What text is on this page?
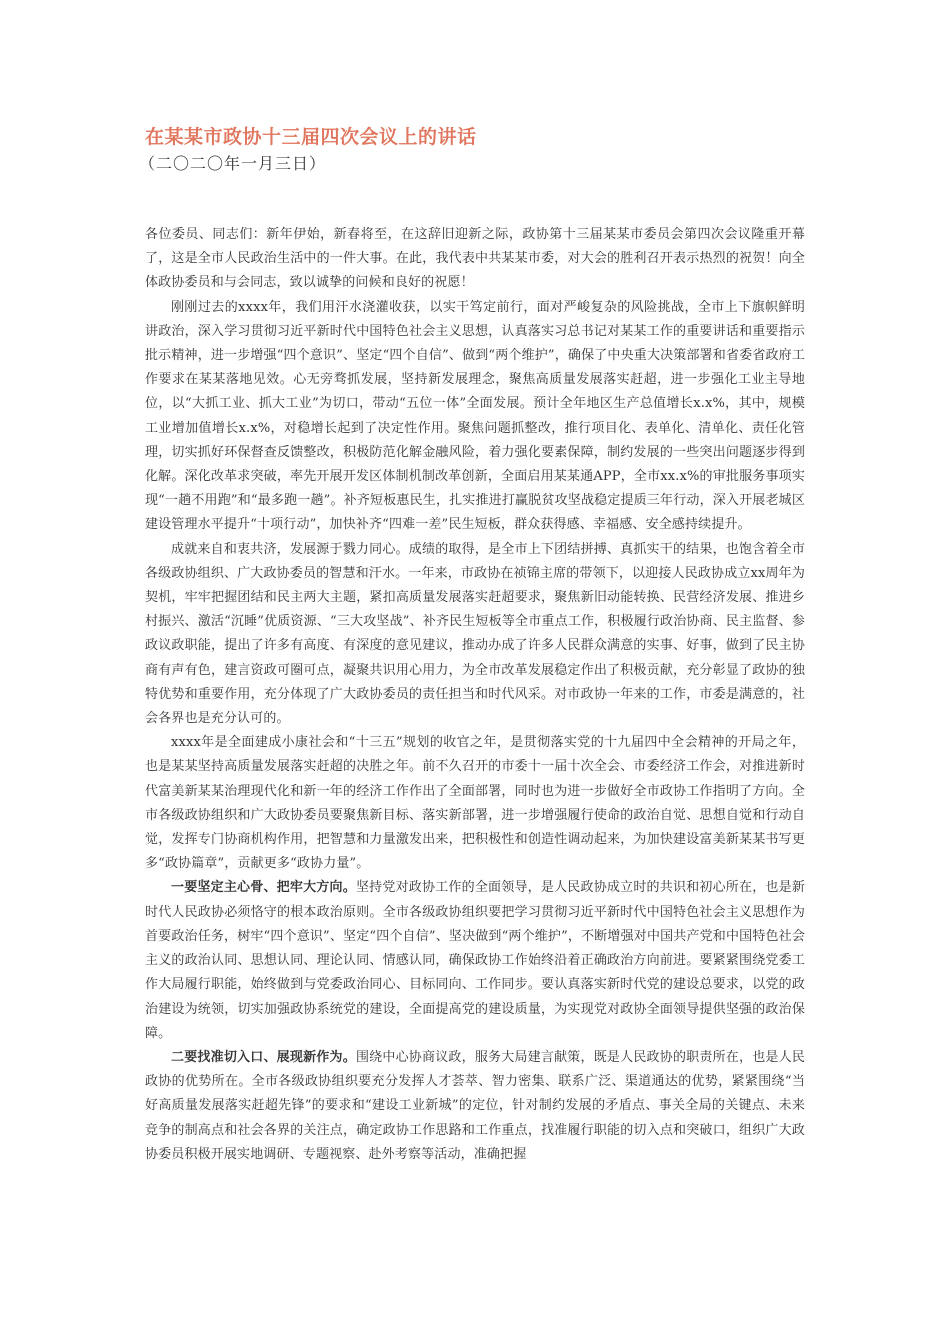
在某某市政协十三届四次会议上的讲话
（二〇二〇年一月三日）

各位委员、同志们：新年伊始，新春将至，在这辞旧迎新之际，政协第十三届某某市委员会第四次会议隆重开幕了，这是全市人民政治生活中的一件大事。在此，我代表中共某某市委，对大会的胜利召开表示热烈的祝贺！向全体政协委员和与会同志，致以诚挚的问候和良好的祝愿！

刚刚过去的xxxx年，我们用汗水浇灌收获，以实干笃定前行，面对严峻复杂的风险挑战，全市上下旗帜鲜明讲政治，深入学习贯彻习近平新时代中国特色社会主义思想，认真落实习总书记对某某工作的重要讲话和重要指示批示精神，进一步增强“四个意识”、坚定“四个自信”、做到“两个维护”，确保了中央重大决策部署和省委省政府工作要求在某某落地见效。心无旁骛抓发展，坚持新发展理念，聚焦高质量发展落实赶超，进一步强化工业主导地位，以“大抓工业、抓大工业”为切口，带动“五位一体”全面发展。预计全年地区生产总值增长x.x%，其中，规模工业增加值增长x.x%，对稳增长起到了决定性作用。聚焦问题抓整改，推行项目化、表单化、清单化、责任化管理，切实抓好环保督查反馈整改，积极防范化解金融风险，着力强化要素保障，制约发展的一些突出问题逐步得到化解。深化改革求突破，率先开展开发区体制机制改革创新，全面启用某某通APP，全市xx.x%的审批服务事项实现“一趟不用跑”和“最多跑一趟”。补齐短板惠民生，扎实推进打赢脱贫攻坚战稳定提质三年行动，深入开展老城区建设管理水平提升“十项行动”，加快补齐“四难一差”民生短板，群众获得感、幸福感、安全感持续提升。

成就来自和衷共济，发展源于戮力同心。成绩的取得，是全市上下团结拼搏、真抓实干的结果，也饱含着全市各级政协组织、广大政协委员的智慧和汗水。一年来，市政协在祯锦主席的带领下，以迎接人民政协成立xx周年为契机，牢牢把握团结和民主两大主题，紧扣高质量发展落实赶超要求，聚焦新旧动能转换、民营经济发展、推进乡村振兴、激活“沉睡”优质资源、“三大攻坚战”、补齐民生短板等全市重点工作，积极履行政治协商、民主监督、参政议政职能，提出了许多有高度、有深度的意见建议，推动办成了许多人民群众满意的实事、好事，做到了民主协商有声有色，建言资政可圈可点，凝聚共识用心用力，为全市改革发展稳定作出了积极贡献，充分彰显了政协的独特优势和重要作用，充分体现了广大政协委员的责任担当和时代风采。对市政协一年来的工作，市委是满意的，社会各界也是充分认可的。

xxxx年是全面建成小康社会和“十三五”规划的收官之年，是贯彻落实党的十九届四中全会精神的开局之年，也是某某坚持高质量发展落实赶超的决胜之年。前不久召开的市委十一届十次全会、市委经济工作会，对推进新时代富美新某某治理现代化和新一年的经济工作作出了全面部署，同时也为进一步做好全市政协工作指明了方向。全市各级政协组织和广大政协委员要聚焦新目标、落实新部署，进一步增强履行使命的政治自觉、思想自觉和行动自觉，发挥专门协商机构作用，把智慧和力量激发出来，把积极性和创造性调动起来，为加快建设富美新某某书写更多“政协篇章”，贡献更多“政协力量”。

一要坚定主心骨、把牢大方向。坚持党对政协工作的全面领导，是人民政协成立时的共识和初心所在，也是新时代人民政协必须恪守的根本政治原则。全市各级政协组织要把学习贯彻习近平新时代中国特色社会主义思想作为首要政治任务，树牢“四个意识”、坚定“四个自信”、坚决做到“两个维护”，不断增强对中国共产党和中国特色社会主义的政治认同、思想认同、理论认同、情感认同，确保政协工作始终沿着正确政治方向前进。要紧紧围绕党委工作大局履行职能，始终做到与党委政治同心、目标同向、工作同步。要认真落实新时代党的建设总要求，以党的政治建设为统领，切实加强政协系统党的建设，全面提高党的建设质量，为实现党对政协全面领导提供坚强的政治保障。

二要找准切入口、展现新作为。围绕中心协商议政，服务大局建言献策，既是人民政协的职责所在，也是人民政协的优势所在。全市各级政协组织要充分发挥人才荟萃、智力密集、联系广泛、渠道通达的优势，紧紧围绕“当好高质量发展落实赶超先锋”的要求和“建设工业新城”的定位，针对制约发展的矛盾点、事关全局的关键点、未来竞争的制高点和社会各界的关注点，确定政协工作思路和工作重点，找准履行职能的切入点和突破口，组织广大政协委员积极开展实地调研、专题视察、赴外考察等活动，准确把握
